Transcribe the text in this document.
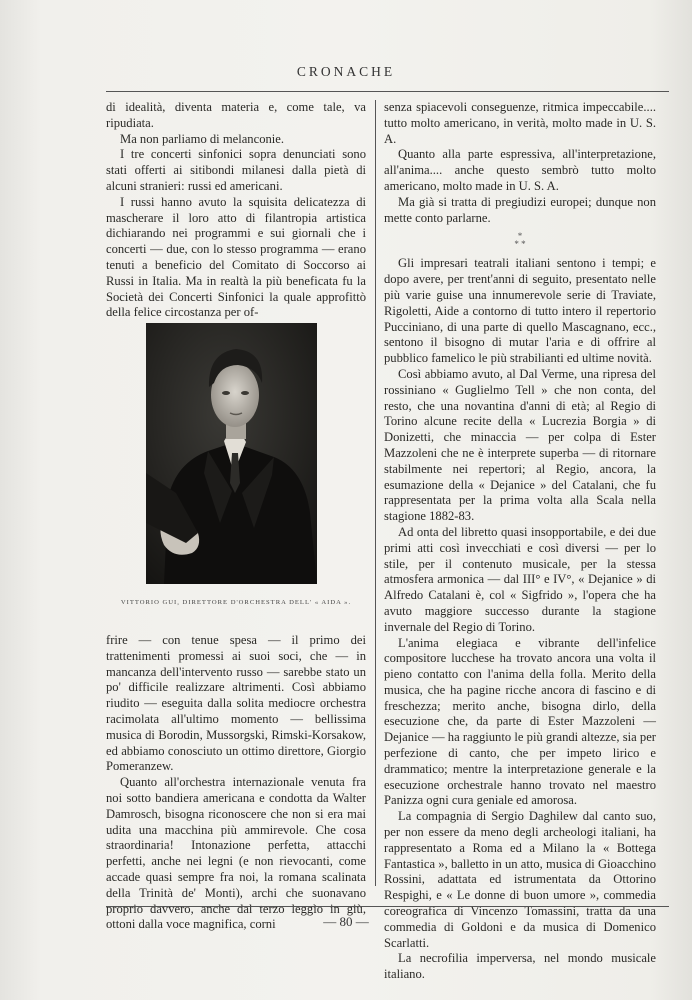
CRONACHE

di idealità, diventa materia e, come tale, va ripudiata.

Ma non parliamo di melanconie.

I tre concerti sinfonici sopra denunciati sono stati offerti ai sitibondi milanesi dalla pietà di alcuni stranieri: russi ed americani.

I russi hanno avuto la squisita delicatezza di mascherare il loro atto di filantropia artistica dichiarando nei programmi e sui giornali che i concerti — due, con lo stesso programma — erano tenuti a beneficio del Comitato di Soccorso ai Russi in Italia. Ma in realtà la più beneficata fu la Società dei Concerti Sinfonici la quale approfittò della felice circostanza per of-

VITTORIO GUI, DIRETTORE D'ORCHESTRA DELL' « AIDA ».

frire — con tenue spesa — il primo dei trattenimenti promessi ai suoi soci, che — in mancanza dell'intervento russo — sarebbe stato un po' difficile realizzare altrimenti. Così abbiamo riudito — eseguita dalla solita mediocre orchestra racimolata all'ultimo momento — bellissima musica di Borodin, Mussorgski, Rimski-Korsakow, ed abbiamo conosciuto un ottimo direttore, Giorgio Pomeranzew.

Quanto all'orchestra internazionale venuta fra noi sotto bandiera americana e condotta da Walter Damrosch, bisogna riconoscere che non si era mai udita una macchina più ammirevole. Che cosa straordinaria! Intonazione perfetta, attacchi perfetti, anche nei legni (e non rievocanti, come accade quasi sempre fra noi, la romana scalinata della Trinità de' Monti), archi che suonavano proprio davvero, anche dal terzo leggìo in giù, ottoni dalla voce magnifica, corni

senza spiacevoli conseguenze, ritmica impeccabile.... tutto molto americano, in verità, molto made in U. S. A.

Quanto alla parte espressiva, all'interpretazione, all'anima.... anche questo sembrò tutto molto americano, molto made in U. S. A.

Ma già si tratta di pregiudizi europei; dunque non mette conto parlarne.

*
* *

Gli impresari teatrali italiani sentono i tempi; e dopo avere, per trent'anni di seguito, presentato nelle più varie guise una innumerevole serie di Traviate, Rigoletti, Aide a contorno di tutto intero il repertorio Pucciniano, di una parte di quello Mascagnano, ecc., sentono il bisogno di mutar l'aria e di offrire al pubblico famelico le più strabilianti ed ultime novità.

Così abbiamo avuto, al Dal Verme, una ripresa del rossiniano « Guglielmo Tell » che non conta, del resto, che una novantina d'anni di età; al Regio di Torino alcune recite della « Lucrezia Borgia » di Donizetti, che minaccia — per colpa di Ester Mazzoleni che ne è interprete superba — di ritornare stabilmente nei repertori; al Regio, ancora, la esumazione della « Dejanice » del Catalani, che fu rappresentata per la prima volta alla Scala nella stagione 1882-83.

Ad onta del libretto quasi insopportabile, e dei due primi atti così invecchiati e così diversi — per lo stile, per il contenuto musicale, per la stessa atmosfera armonica — dal III° e IV°, « Dejanice » di Alfredo Catalani è, col « Sigfrido », l'opera che ha avuto maggiore successo durante la stagione invernale del Regio di Torino.

L'anima elegiaca e vibrante dell'infelice compositore lucchese ha trovato ancora una volta il pieno contatto con l'anima della folla. Merito della musica, che ha pagine ricche ancora di fascino e di freschezza; merito anche, bisogna dirlo, della esecuzione che, da parte di Ester Mazzoleni — Dejanice — ha raggiunto le più grandi altezze, sia per perfezione di canto, che per impeto lirico e drammatico; mentre la interpretazione generale e la esecuzione orchestrale hanno trovato nel maestro Panizza ogni cura geniale ed amorosa.

La compagnia di Sergio Daghilew dal canto suo, per non essere da meno degli archeologi italiani, ha rappresentato a Roma ed a Milano la « Bottega Fantastica », balletto in un atto, musica di Gioacchino Rossini, adattata ed istrumentata da Ottorino Respighi, e « Le donne di buon umore », commedia coreografica di Vincenzo Tomassini, tratta da una commedia di Goldoni e da musica di Domenico Scarlatti.

La necrofilia imperversa, nel mondo musicale italiano.

— 80 —
